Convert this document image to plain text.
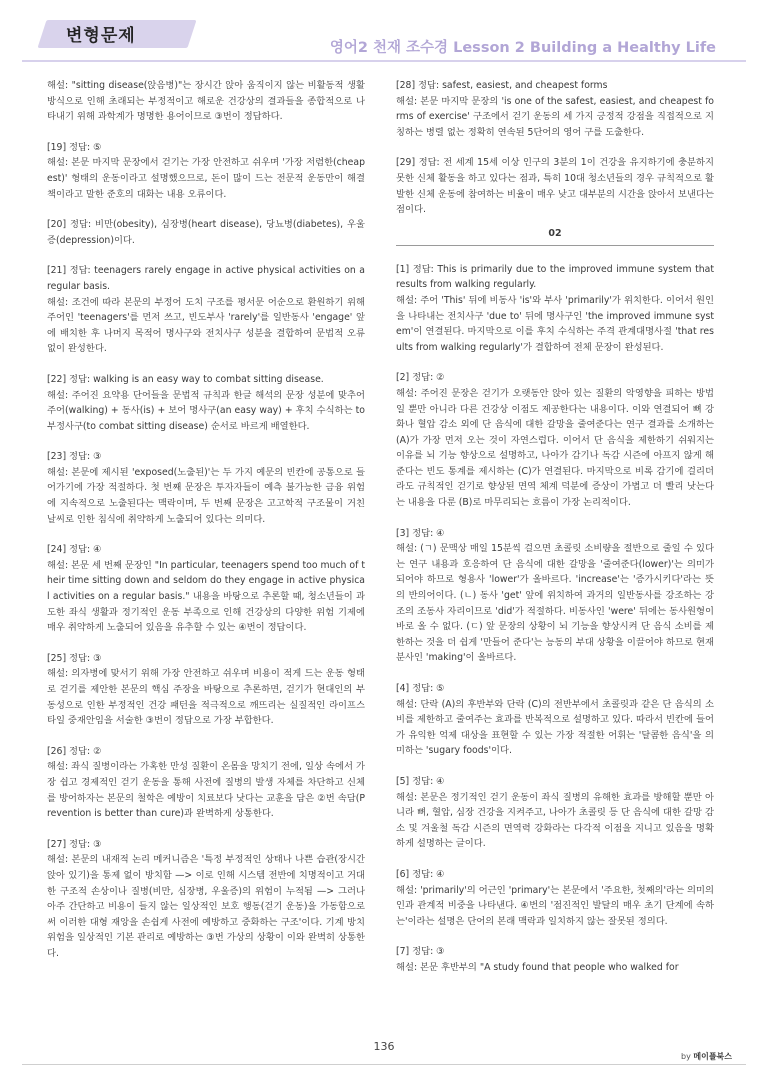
변형문제
영어2 천재 조수경 Lesson 2 Building a Healthy Life

해설: "sitting disease(앉음병)"는 장시간 앉아 움직이지 않는 비활동적 생활 방식으로 인해 초래되는 부정적이고 해로운 건강상의 결과들을 종합적으로 나타내기 위해 과학계가 명명한 용어이므로 ③번이 정답하다.

[19] 정답: ⑤

해설: 본문 마지막 문장에서 걷기는 가장 안전하고 쉬우며 '가장 저렴한(cheapest)' 형태의 운동이라고 설명했으므로, 돈이 많이 드는 전문적 운동만이 해결책이라고 말한 준호의 대화는 내용 오류이다.

[20] 정답: 비만(obesity), 심장병(heart disease), 당뇨병(diabetes), 우울증(depression)이다.

[21] 정답: teenagers rarely engage in active physical activities on a regular basis.

해설: 조건에 따라 본문의 부정어 도치 구조를 평서문 어순으로 환원하기 위해 주어인 'teenagers'를 먼저 쓰고, 빈도부사 'rarely'를 일반동사 'engage' 앞에 배치한 후 나머지 목적어 명사구와 전치사구 성분을 결합하여 문법적 오류 없이 완성한다.

[22] 정답: walking is an easy way to combat sitting disease.

해설: 주어진 요약용 단어들을 문법적 규칙과 한글 해석의 문장 성분에 맞추어 주어(walking) + 동사(is) + 보어 명사구(an easy way) + 후치 수식하는 to부정사구(to combat sitting disease) 순서로 바르게 배열한다.

[23] 정답: ③

해설: 본문에 제시된 'exposed(노출된)'는 두 가지 예문의 빈칸에 공통으로 들어가기에 가장 적절하다. 첫 번째 문장은 투자자들이 예측 불가능한 금융 위험에 지속적으로 노출된다는 맥락이며, 두 번째 문장은 고고학적 구조물이 거친 날씨로 인한 침식에 취약하게 노출되어 있다는 의미다.

[24] 정답: ④

해설: 본문 세 번째 문장인 "In particular, teenagers spend too much of their time sitting down and seldom do they engage in active physical activities on a regular basis." 내용을 바탕으로 추론할 때, 청소년들이 과도한 좌식 생활과 정기적인 운동 부족으로 인해 건강상의 다양한 위험 기제에 매우 취약하게 노출되어 있음을 유추할 수 있는 ④번이 정답이다.

[25] 정답: ③

해설: 의자병에 맞서기 위해 가장 안전하고 쉬우며 비용이 적게 드는 운동 형태로 걷기를 제안한 본문의 핵심 주장을 바탕으로 추론하면, 걷기가 현대인의 부동성으로 인한 부정적인 건강 패턴을 적극적으로 깨뜨리는 실질적인 라이프스타일 중재안임을 서술한 ③번이 정답으로 가장 부합한다.

[26] 정답: ②

해설: 좌식 질병이라는 가혹한 만성 질환이 온몸을 망치기 전에, 일상 속에서 가장 쉽고 경제적인 걷기 운동을 통해 사전에 질병의 발생 자체를 차단하고 신체를 방어하자는 본문의 철학은 예방이 치료보다 낫다는 교훈을 담은 ②번 속담(Prevention is better than cure)과 완벽하게 상통한다.

[27] 정답: ③

해설: 본문의 내재적 논리 메커니즘은 '특정 부정적인 상태나 나쁜 습관(장시간 앉아 있기)을 통제 없이 방치함 —> 이로 인해 시스템 전반에 치명적이고 거대한 구조적 손상이나 질병(비만, 심장병, 우울증)의 위험이 누적됨 —> 그러나 아주 간단하고 비용이 들지 않는 일상적인 보호 행동(걷기 운동)을 가동함으로써 이러한 대형 재앙을 손쉽게 사전에 예방하고 중화하는 구조'이다. 기계 방치 위험을 일상적인 기본 관리로 예방하는 ③번 가상의 상황이 이와 완벽히 상통한다.

[28] 정답: safest, easiest, and cheapest forms

해설: 본문 마지막 문장의 'is one of the safest, easiest, and cheapest forms of exercise' 구조에서 걷기 운동의 세 가지 긍정적 강점을 직접적으로 지칭하는 병렬 없는 정확히 연속된 5단어의 영어 구를 도출한다.

[29] 정답: 전 세계 15세 이상 인구의 3분의 1이 건강을 유지하기에 충분하지 못한 신체 활동을 하고 있다는 점과, 특히 10대 청소년들의 경우 규칙적으로 활발한 신체 운동에 참여하는 비율이 매우 낮고 대부분의 시간을 앉아서 보낸다는 점이다.

02

[1] 정답: This is primarily due to the improved immune system that results from walking regularly.

해설: 주어 'This' 뒤에 비동사 'is'와 부사 'primarily'가 위치한다. 이어서 원인을 나타내는 전치사구 'due to' 뒤에 명사구인 'the improved immune system'이 연결된다. 마지막으로 이를 후치 수식하는 주격 관계대명사절 'that results from walking regularly'가 결합하여 전체 문장이 완성된다.

[2] 정답: ②

해설: 주어진 문장은 걷기가 오랫동안 앉아 있는 질환의 악영향을 피하는 방법일 뿐만 아니라 다른 건강상 이점도 제공한다는 내용이다. 이와 연결되어 뼈 강화나 혈압 감소 외에 단 음식에 대한 갈망을 줄여준다는 연구 결과를 소개하는 (A)가 가장 먼저 오는 것이 자연스럽다. 이어서 단 음식을 제한하기 쉬워지는 이유를 뇌 기능 향상으로 설명하고, 나아가 감기나 독감 시즌에 아프지 않게 해준다는 빈도 통계를 제시하는 (C)가 연결된다. 마지막으로 비록 감기에 걸리더라도 규칙적인 걷기로 향상된 면역 체계 덕분에 증상이 가볍고 더 빨리 낫는다는 내용을 다룬 (B)로 마무리되는 흐름이 가장 논리적이다.

[3] 정답: ④

해설: (ㄱ) 문맥상 매일 15분씩 걸으면 초콜릿 소비량을 절반으로 줄일 수 있다는 연구 내용과 호응하여 단 음식에 대한 갈망을 '줄여준다(lower)'는 의미가 되어야 하므로 형용사 'lower'가 올바르다. 'increase'는 '증가시키다'라는 뜻의 반의어이다. (ㄴ) 동사 'get' 앞에 위치하여 과거의 일반동사를 강조하는 강조의 조동사 자리이므로 'did'가 적절하다. 비동사인 'were' 뒤에는 동사원형이 바로 올 수 없다. (ㄷ) 앞 문장의 상황이 뇌 기능을 향상시켜 단 음식 소비를 제한하는 것을 더 쉽게 '만들어 준다'는 능동의 부대 상황을 이끌어야 하므로 현재분사인 'making'이 올바르다.

[4] 정답: ⑤

해설: 단락 (A)의 후반부와 단락 (C)의 전반부에서 초콜릿과 같은 단 음식의 소비를 제한하고 줄여주는 효과를 반복적으로 설명하고 있다. 따라서 빈칸에 들어가 유익한 억제 대상을 표현할 수 있는 가장 적절한 어휘는 '달콤한 음식'을 의미하는 'sugary foods'이다.

[5] 정답: ④

해설: 본문은 정기적인 걷기 운동이 좌식 질병의 유해한 효과를 방해할 뿐만 아니라 뼈, 혈압, 심장 건강을 지켜주고, 나아가 초콜릿 등 단 음식에 대한 갈망 감소 및 겨울철 독감 시즌의 면역력 강화라는 다각적 이점을 지니고 있음을 명확하게 설명하는 글이다.

[6] 정답: ④

해설: 'primarily'의 어근인 'primary'는 본문에서 '주요한, 첫째의'라는 의미의 인과 관계적 비중을 나타낸다. ④번의 '점진적인 발달의 매우 초기 단계에 속하는'이라는 설명은 단어의 본래 맥락과 일치하지 않는 잘못된 정의다.

[7] 정답: ③

해설: 본문 후반부의 "A study found that people who walked for

136
by 메이플북스
